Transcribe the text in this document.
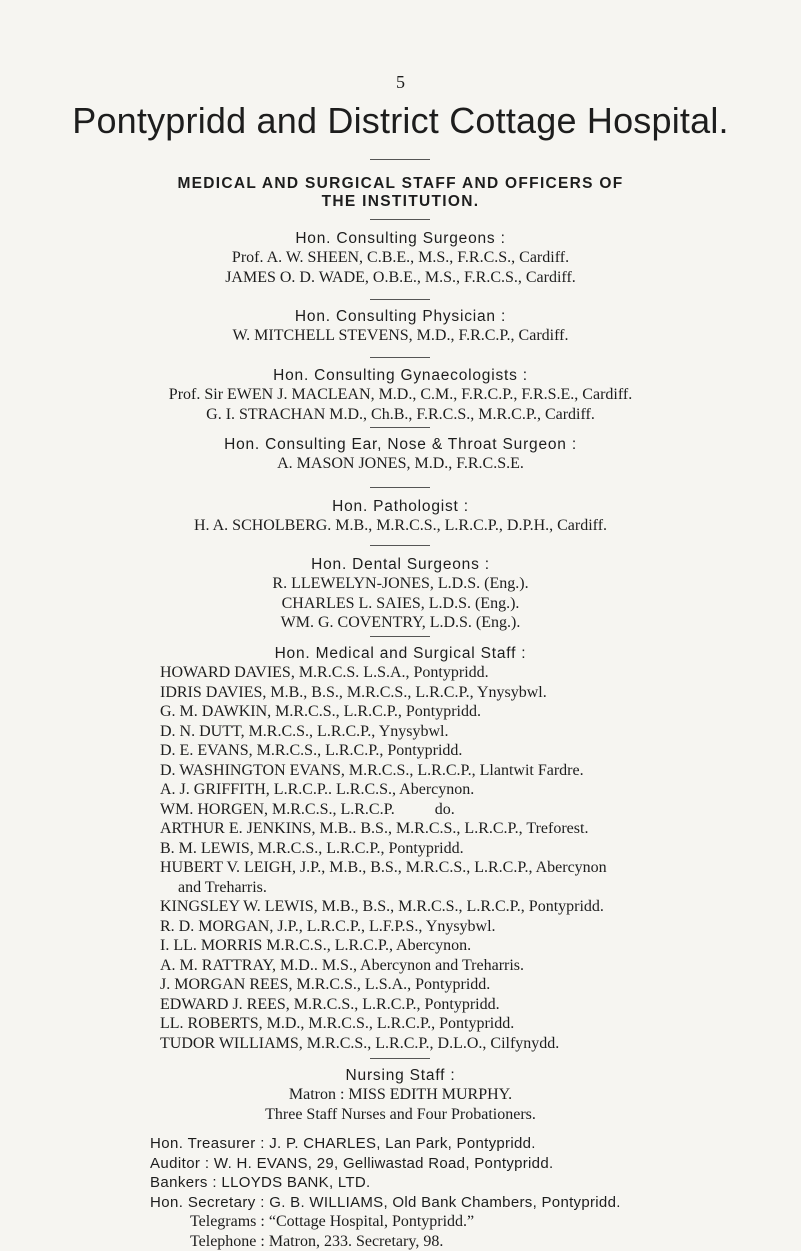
5
Pontypridd and District Cottage Hospital.
MEDICAL AND SURGICAL STAFF AND OFFICERS OF
THE INSTITUTION.

Hon. Consulting Surgeons :

Prof. A. W. SHEEN, C.B.E., M.S., F.R.C.S., Cardiff.

JAMES O. D. WADE, O.B.E., M.S., F.R.C.S., Cardiff.

Hon. Consulting Physician :

W. MITCHELL STEVENS, M.D., F.R.C.P., Cardiff.

Hon. Consulting Gynaecologists :

Prof. Sir EWEN J. MACLEAN, M.D., C.M., F.R.C.P., F.R.S.E., Cardiff.

G. I. STRACHAN M.D., Ch.B., F.R.C.S., M.R.C.P., Cardiff.

Hon. Consulting Ear, Nose & Throat Surgeon :

A. MASON JONES, M.D., F.R.C.S.E.

Hon. Pathologist :

H. A. SCHOLBERG. M.B., M.R.C.S., L.R.C.P., D.P.H., Cardiff.

Hon. Dental Surgeons :

R. LLEWELYN-JONES, L.D.S. (Eng.).

CHARLES L. SAIES, L.D.S. (Eng.).

WM. G. COVENTRY, L.D.S. (Eng.).

Hon. Medical and Surgical Staff :

HOWARD DAVIES, M.R.C.S. L.S.A., Pontypridd.

IDRIS DAVIES, M.B., B.S., M.R.C.S., L.R.C.P., Ynysybwl.

G. M. DAWKIN, M.R.C.S., L.R.C.P., Pontypridd.

D. N. DUTT, M.R.C.S., L.R.C.P., Ynysybwl.

D. E. EVANS, M.R.C.S., L.R.C.P., Pontypridd.

D. WASHINGTON EVANS, M.R.C.S., L.R.C.P., Llantwit Fardre.

A. J. GRIFFITH, L.R.C.P.. L.R.C.S., Abercynon.

WM. HORGEN, M.R.C.S., L.R.C.P.          do.

ARTHUR E. JENKINS, M.B.. B.S., M.R.C.S., L.R.C.P., Treforest.

B. M. LEWIS, M.R.C.S., L.R.C.P., Pontypridd.

HUBERT V. LEIGH, J.P., M.B., B.S., M.R.C.S., L.R.C.P., Abercynon

and Treharris.

KINGSLEY W. LEWIS, M.B., B.S., M.R.C.S., L.R.C.P., Pontypridd.

R. D. MORGAN, J.P., L.R.C.P., L.F.P.S., Ynysybwl.

I. LL. MORRIS M.R.C.S., L.R.C.P., Abercynon.

A. M. RATTRAY, M.D.. M.S., Abercynon and Treharris.

J. MORGAN REES, M.R.C.S., L.S.A., Pontypridd.

EDWARD J. REES, M.R.C.S., L.R.C.P., Pontypridd.

LL. ROBERTS, M.D., M.R.C.S., L.R.C.P., Pontypridd.

TUDOR WILLIAMS, M.R.C.S., L.R.C.P., D.L.O., Cilfynydd.

Nursing Staff :

Matron : MISS EDITH MURPHY.

Three Staff Nurses and Four Probationers.

Hon. Treasurer : J. P. CHARLES, Lan Park, Pontypridd.

Auditor : W. H. EVANS, 29, Gelliwastad Road, Pontypridd.

Bankers : LLOYDS BANK, LTD.

Hon. Secretary : G. B. WILLIAMS, Old Bank Chambers, Pontypridd.

Telegrams : “Cottage Hospital, Pontypridd.”

Telephone : Matron, 233. Secretary, 98.
